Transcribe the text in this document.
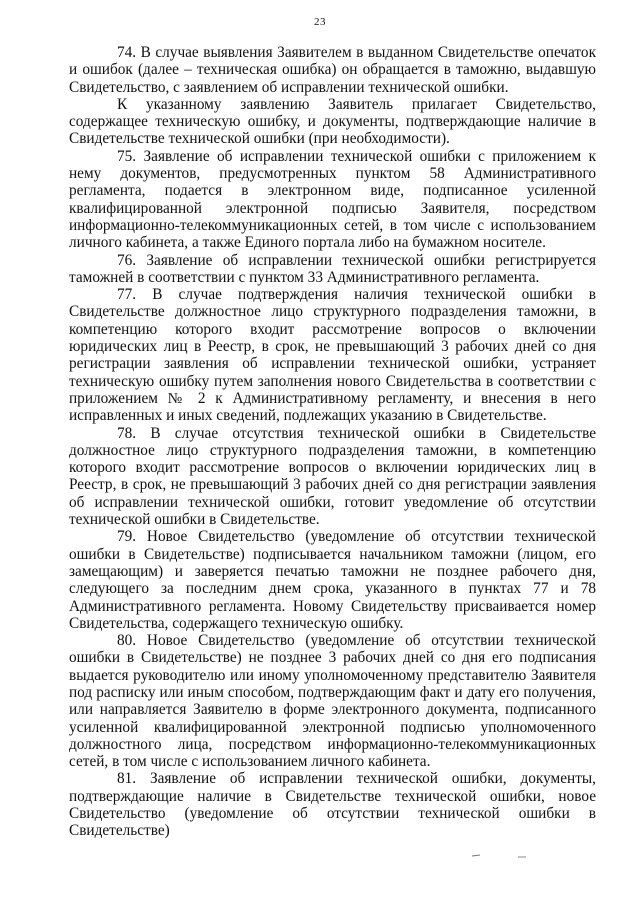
23

74. В случае выявления Заявителем в выданном Свидетельстве опечаток и ошибок (далее – техническая ошибка) он обращается в таможню, выдавшую Свидетельство, с заявлением об исправлении технической ошибки.

К указанному заявлению Заявитель прилагает Свидетельство, содержащее техническую ошибку, и документы, подтверждающие наличие в Свидетельстве технической ошибки (при необходимости).

75. Заявление об исправлении технической ошибки с приложением к нему документов, предусмотренных пунктом 58 Административного регламента, подается в электронном виде, подписанное усиленной квалифицированной электронной подписью Заявителя, посредством информационно-телекоммуникационных сетей, в том числе с использованием личного кабинета, а также Единого портала либо на бумажном носителе.

76. Заявление об исправлении технической ошибки регистрируется таможней в соответствии с пунктом 33 Административного регламента.

77. В случае подтверждения наличия технической ошибки в Свидетельстве должностное лицо структурного подразделения таможни, в компетенцию которого входит рассмотрение вопросов о включении юридических лиц в Реестр, в срок, не превышающий 3 рабочих дней со дня регистрации заявления об исправлении технической ошибки, устраняет техническую ошибку путем заполнения нового Свидетельства в соответствии с приложением № 2 к Административному регламенту, и внесения в него исправленных и иных сведений, подлежащих указанию в Свидетельстве.

78. В случае отсутствия технической ошибки в Свидетельстве должностное лицо структурного подразделения таможни, в компетенцию которого входит рассмотрение вопросов о включении юридических лиц в Реестр, в срок, не превышающий 3 рабочих дней со дня регистрации заявления об исправлении технической ошибки, готовит уведомление об отсутствии технической ошибки в Свидетельстве.

79. Новое Свидетельство (уведомление об отсутствии технической ошибки в Свидетельстве) подписывается начальником таможни (лицом, его замещающим) и заверяется печатью таможни не позднее рабочего дня, следующего за последним днем срока, указанного в пунктах 77 и 78 Административного регламента. Новому Свидетельству присваивается номер Свидетельства, содержащего техническую ошибку.

80. Новое Свидетельство (уведомление об отсутствии технической ошибки в Свидетельстве) не позднее 3 рабочих дней со дня его подписания выдается руководителю или иному уполномоченному представителю Заявителя под расписку или иным способом, подтверждающим факт и дату его получения, или направляется Заявителю в форме электронного документа, подписанного усиленной квалифицированной электронной подписью уполномоченного должностного лица, посредством информационно-телекоммуникационных сетей, в том числе с использованием личного кабинета.

81. Заявление об исправлении технической ошибки, документы, подтверждающие наличие в Свидетельстве технической ошибки, новое Свидетельство (уведомление об отсутствии технической ошибки в Свидетельстве)
